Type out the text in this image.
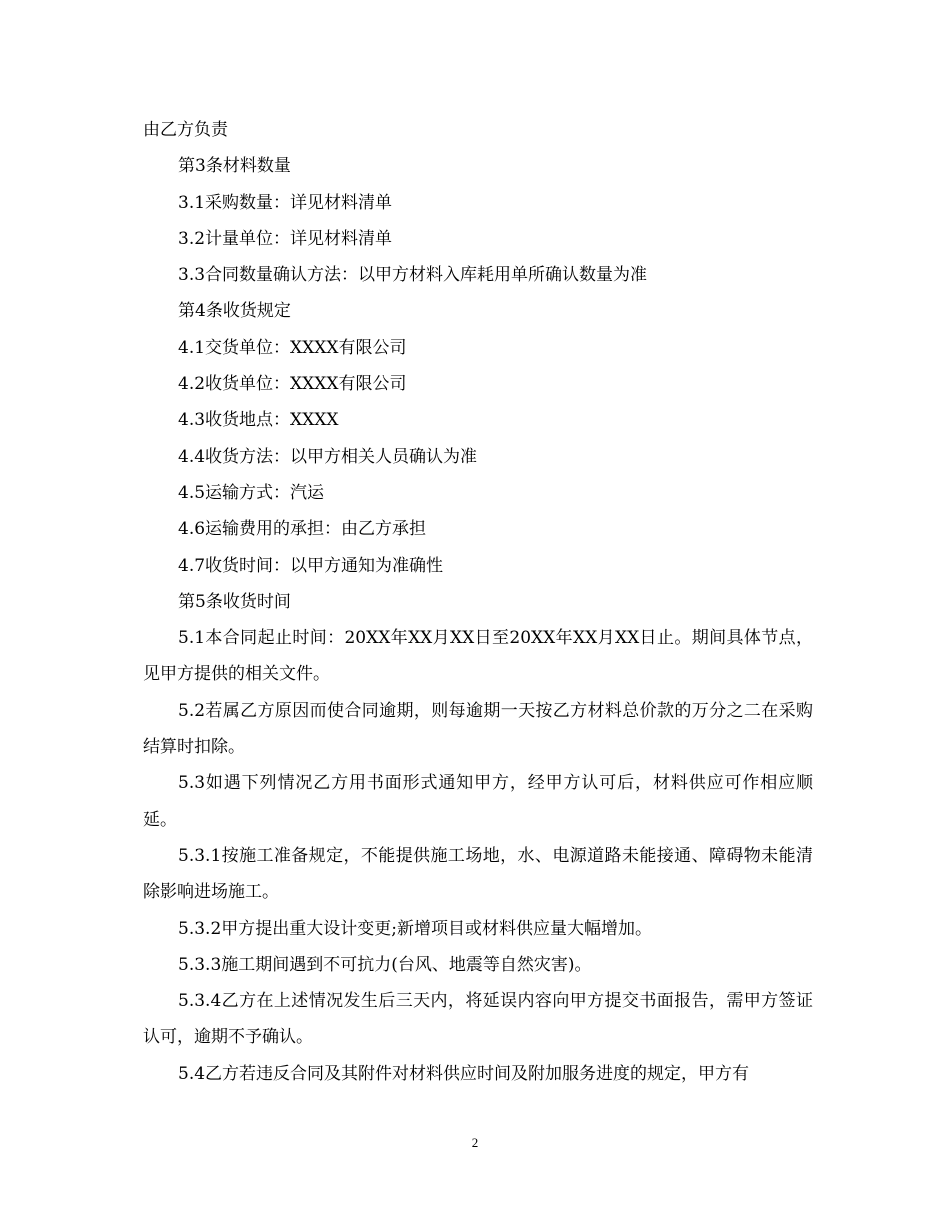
由乙方负责

第3条材料数量

3.1采购数量：详见材料清单

3.2计量单位：详见材料清单

3.3合同数量确认方法：以甲方材料入库耗用单所确认数量为准

第4条收货规定

4.1交货单位：XXXX有限公司

4.2收货单位：XXXX有限公司

4.3收货地点：XXXX

4.4收货方法：以甲方相关人员确认为准

4.5运输方式：汽运

4.6运输费用的承担：由乙方承担

4.7收货时间：以甲方通知为准确性

第5条收货时间

5.1本合同起止时间：20XX年XX月XX日至20XX年XX月XX日止。期间具体节点，见甲方提供的相关文件。

5.2若属乙方原因而使合同逾期，则每逾期一天按乙方材料总价款的万分之二在采购结算时扣除。

5.3如遇下列情况乙方用书面形式通知甲方，经甲方认可后，材料供应可作相应顺延。

5.3.1按施工准备规定，不能提供施工场地，水、电源道路未能接通、障碍物未能清除影响进场施工。

5.3.2甲方提出重大设计变更;新增项目或材料供应量大幅增加。

5.3.3施工期间遇到不可抗力(台风、地震等自然灾害)。

5.3.4乙方在上述情况发生后三天内，将延误内容向甲方提交书面报告，需甲方签证认可，逾期不予确认。

5.4乙方若违反合同及其附件对材料供应时间及附加服务进度的规定，甲方有

2
